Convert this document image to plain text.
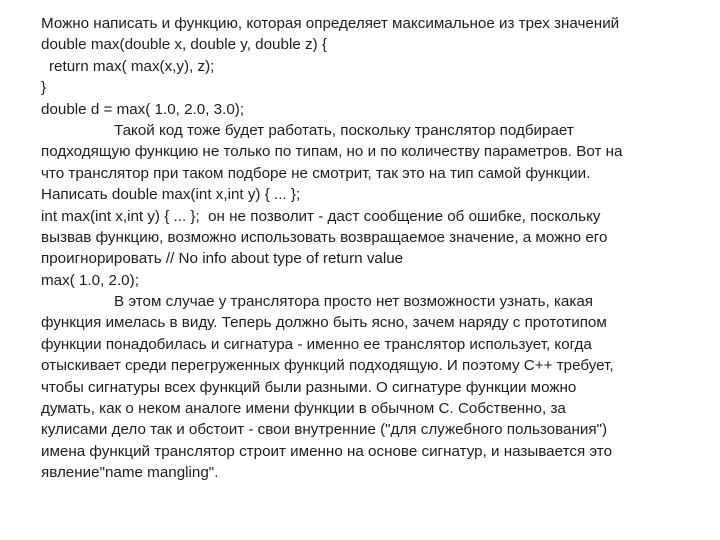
Можно написать и функцию, которая определяет максимальное из трех значений
double max(double x, double y, double z) {
return max( max(x,y), z);
}
double d = max( 1.0, 2.0, 3.0);
Такой код тоже будет работать, поскольку транслятор подбирает
подходящую функцию не только по типам, но и по количеству параметров. Вот на
что транслятор при таком подборе не смотрит, так это на тип самой функции.
Написать double max(int x,int y) { ... };
int max(int x,int y) { ... };  он не позволит - даст сообщение об ошибке, поскольку
вызвав функцию, возможно использовать возвращаемое значение, а можно его
проигнорировать // No info about type of return value
max( 1.0, 2.0);
В этом случае у транслятора просто нет возможности узнать, какая
функция имелась в виду. Теперь должно быть ясно, зачем наряду с прототипом
функции понадобилась и сигнатура - именно ее транслятор использует, когда
отыскивает среди перегруженных функций подходящую. И поэтому С++ требует,
чтобы сигнатуры всех функций были разными. О сигнатуре функции можно
думать, как о неком аналоге имени функции в обычном С. Собственно, за
кулисами дело так и обстоит - свои внутренние ("для служебного пользования")
имена функций транслятор строит именно на основе сигнатур, и называется это
явление"name mangling".
